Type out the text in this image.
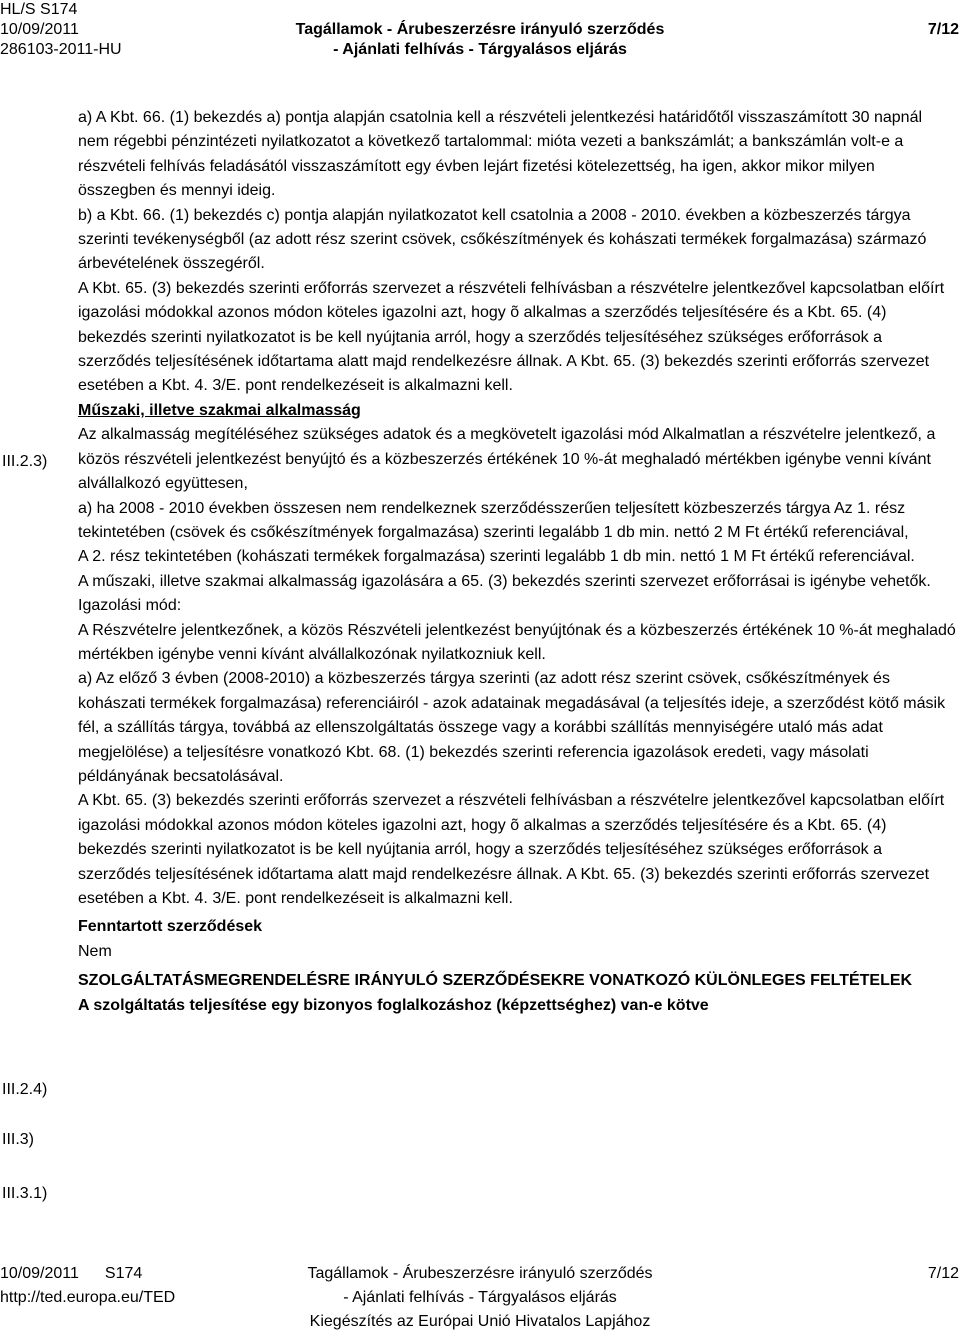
HL/S S174
10/09/2011
286103-2011-HU
Tagállamok - Árubeszerzésre irányuló szerződés
- Ajánlati felhívás - Tárgyalásos eljárás
7/12
III.2.3)
III.2.4)
III.3)
III.3.1)

a) A Kbt. 66. (1) bekezdés a) pontja alapján csatolnia kell a részvételi jelentkezési határidőtől visszaszámított 30 napnál nem régebbi pénzintézeti nyilatkozatot a következő tartalommal: mióta vezeti a bankszámlát; a bankszámlán volt-e a részvételi felhívás feladásától visszaszámított egy évben lejárt fizetési kötelezettség, ha igen, akkor mikor milyen összegben és mennyi ideig.

b) a Kbt. 66. (1) bekezdés c) pontja alapján nyilatkozatot kell csatolnia a 2008 - 2010. években a közbeszerzés tárgya szerinti tevékenységből (az adott rész szerint csövek, csőkészítmények és kohászati termékek forgalmazása) származó árbevételének összegéről.

A Kbt. 65. (3) bekezdés szerinti erőforrás szervezet a részvételi felhívásban a részvételre jelentkezővel kapcsolatban előírt igazolási módokkal azonos módon köteles igazolni azt, hogy õ alkalmas a szerződés teljesítésére és a Kbt. 65. (4) bekezdés szerinti nyilatkozatot is be kell nyújtania arról, hogy a szerződés teljesítéséhez szükséges erőforrások a szerződés teljesítésének időtartama alatt majd rendelkezésre állnak. A Kbt. 65. (3) bekezdés szerinti erőforrás szervezet esetében a Kbt. 4. 3/E. pont rendelkezéseit is alkalmazni kell.

Műszaki, illetve szakmai alkalmasság

Az alkalmasság megítéléséhez szükséges adatok és a megkövetelt igazolási mód Alkalmatlan a részvételre jelentkező, a közös részvételi jelentkezést benyújtó és a közbeszerzés értékének 10 %-át meghaladó mértékben igénybe venni kívánt alvállalkozó együttesen,

a) ha 2008 - 2010 években összesen nem rendelkeznek szerződésszerűen teljesített közbeszerzés tárgya Az 1. rész tekintetében (csövek és csőkészítmények forgalmazása) szerinti legalább 1 db min. nettó 2 M Ft értékű referenciával,

A 2. rész tekintetében (kohászati termékek forgalmazása) szerinti legalább 1 db min. nettó 1 M Ft értékű referenciával.

A műszaki, illetve szakmai alkalmasság igazolására a 65. (3) bekezdés szerinti szervezet erőforrásai is igénybe vehetők.

Igazolási mód:

A Részvételre jelentkezőnek, a közös Részvételi jelentkezést benyújtónak és a közbeszerzés értékének 10 %-át meghaladó mértékben igénybe venni kívánt alvállalkozónak nyilatkozniuk kell.

a) Az előző 3 évben (2008-2010) a közbeszerzés tárgya szerinti (az adott rész szerint csövek, csőkészítmények és kohászati termékek forgalmazása) referenciáiról - azok adatainak megadásával (a teljesítés ideje, a szerződést kötő másik fél, a szállítás tárgya, továbbá az ellenszolgáltatás összege vagy a korábbi szállítás mennyiségére utaló más adat megjelölése) a teljesítésre vonatkozó Kbt. 68. (1) bekezdés szerinti referencia igazolások eredeti, vagy másolati példányának becsatolásával.

A Kbt. 65. (3) bekezdés szerinti erőforrás szervezet a részvételi felhívásban a részvételre jelentkezővel kapcsolatban előírt igazolási módokkal azonos módon köteles igazolni azt, hogy õ alkalmas a szerződés teljesítésére és a Kbt. 65. (4) bekezdés szerinti nyilatkozatot is be kell nyújtania arról, hogy a szerződés teljesítéséhez szükséges erőforrások a szerződés teljesítésének időtartama alatt majd rendelkezésre állnak. A Kbt. 65. (3) bekezdés szerinti erőforrás szervezet esetében a Kbt. 4. 3/E. pont rendelkezéseit is alkalmazni kell.

Fenntartott szerződések

Nem

SZOLGÁLTATÁSMEGRENDELÉSRE IRÁNYULÓ SZERZŐDÉSEKRE VONATKOZÓ KÜLÖNLEGES FELTÉTELEK

A szolgáltatás teljesítése egy bizonyos foglalkozáshoz (képzettséghez) van-e kötve

10/09/2011 S174
http://ted.europa.eu/TED
Tagállamok - Árubeszerzésre irányuló szerződés
- Ajánlati felhívás - Tárgyalásos eljárás
Kiegészítés az Európai Unió Hivatalos Lapjához
7/12
